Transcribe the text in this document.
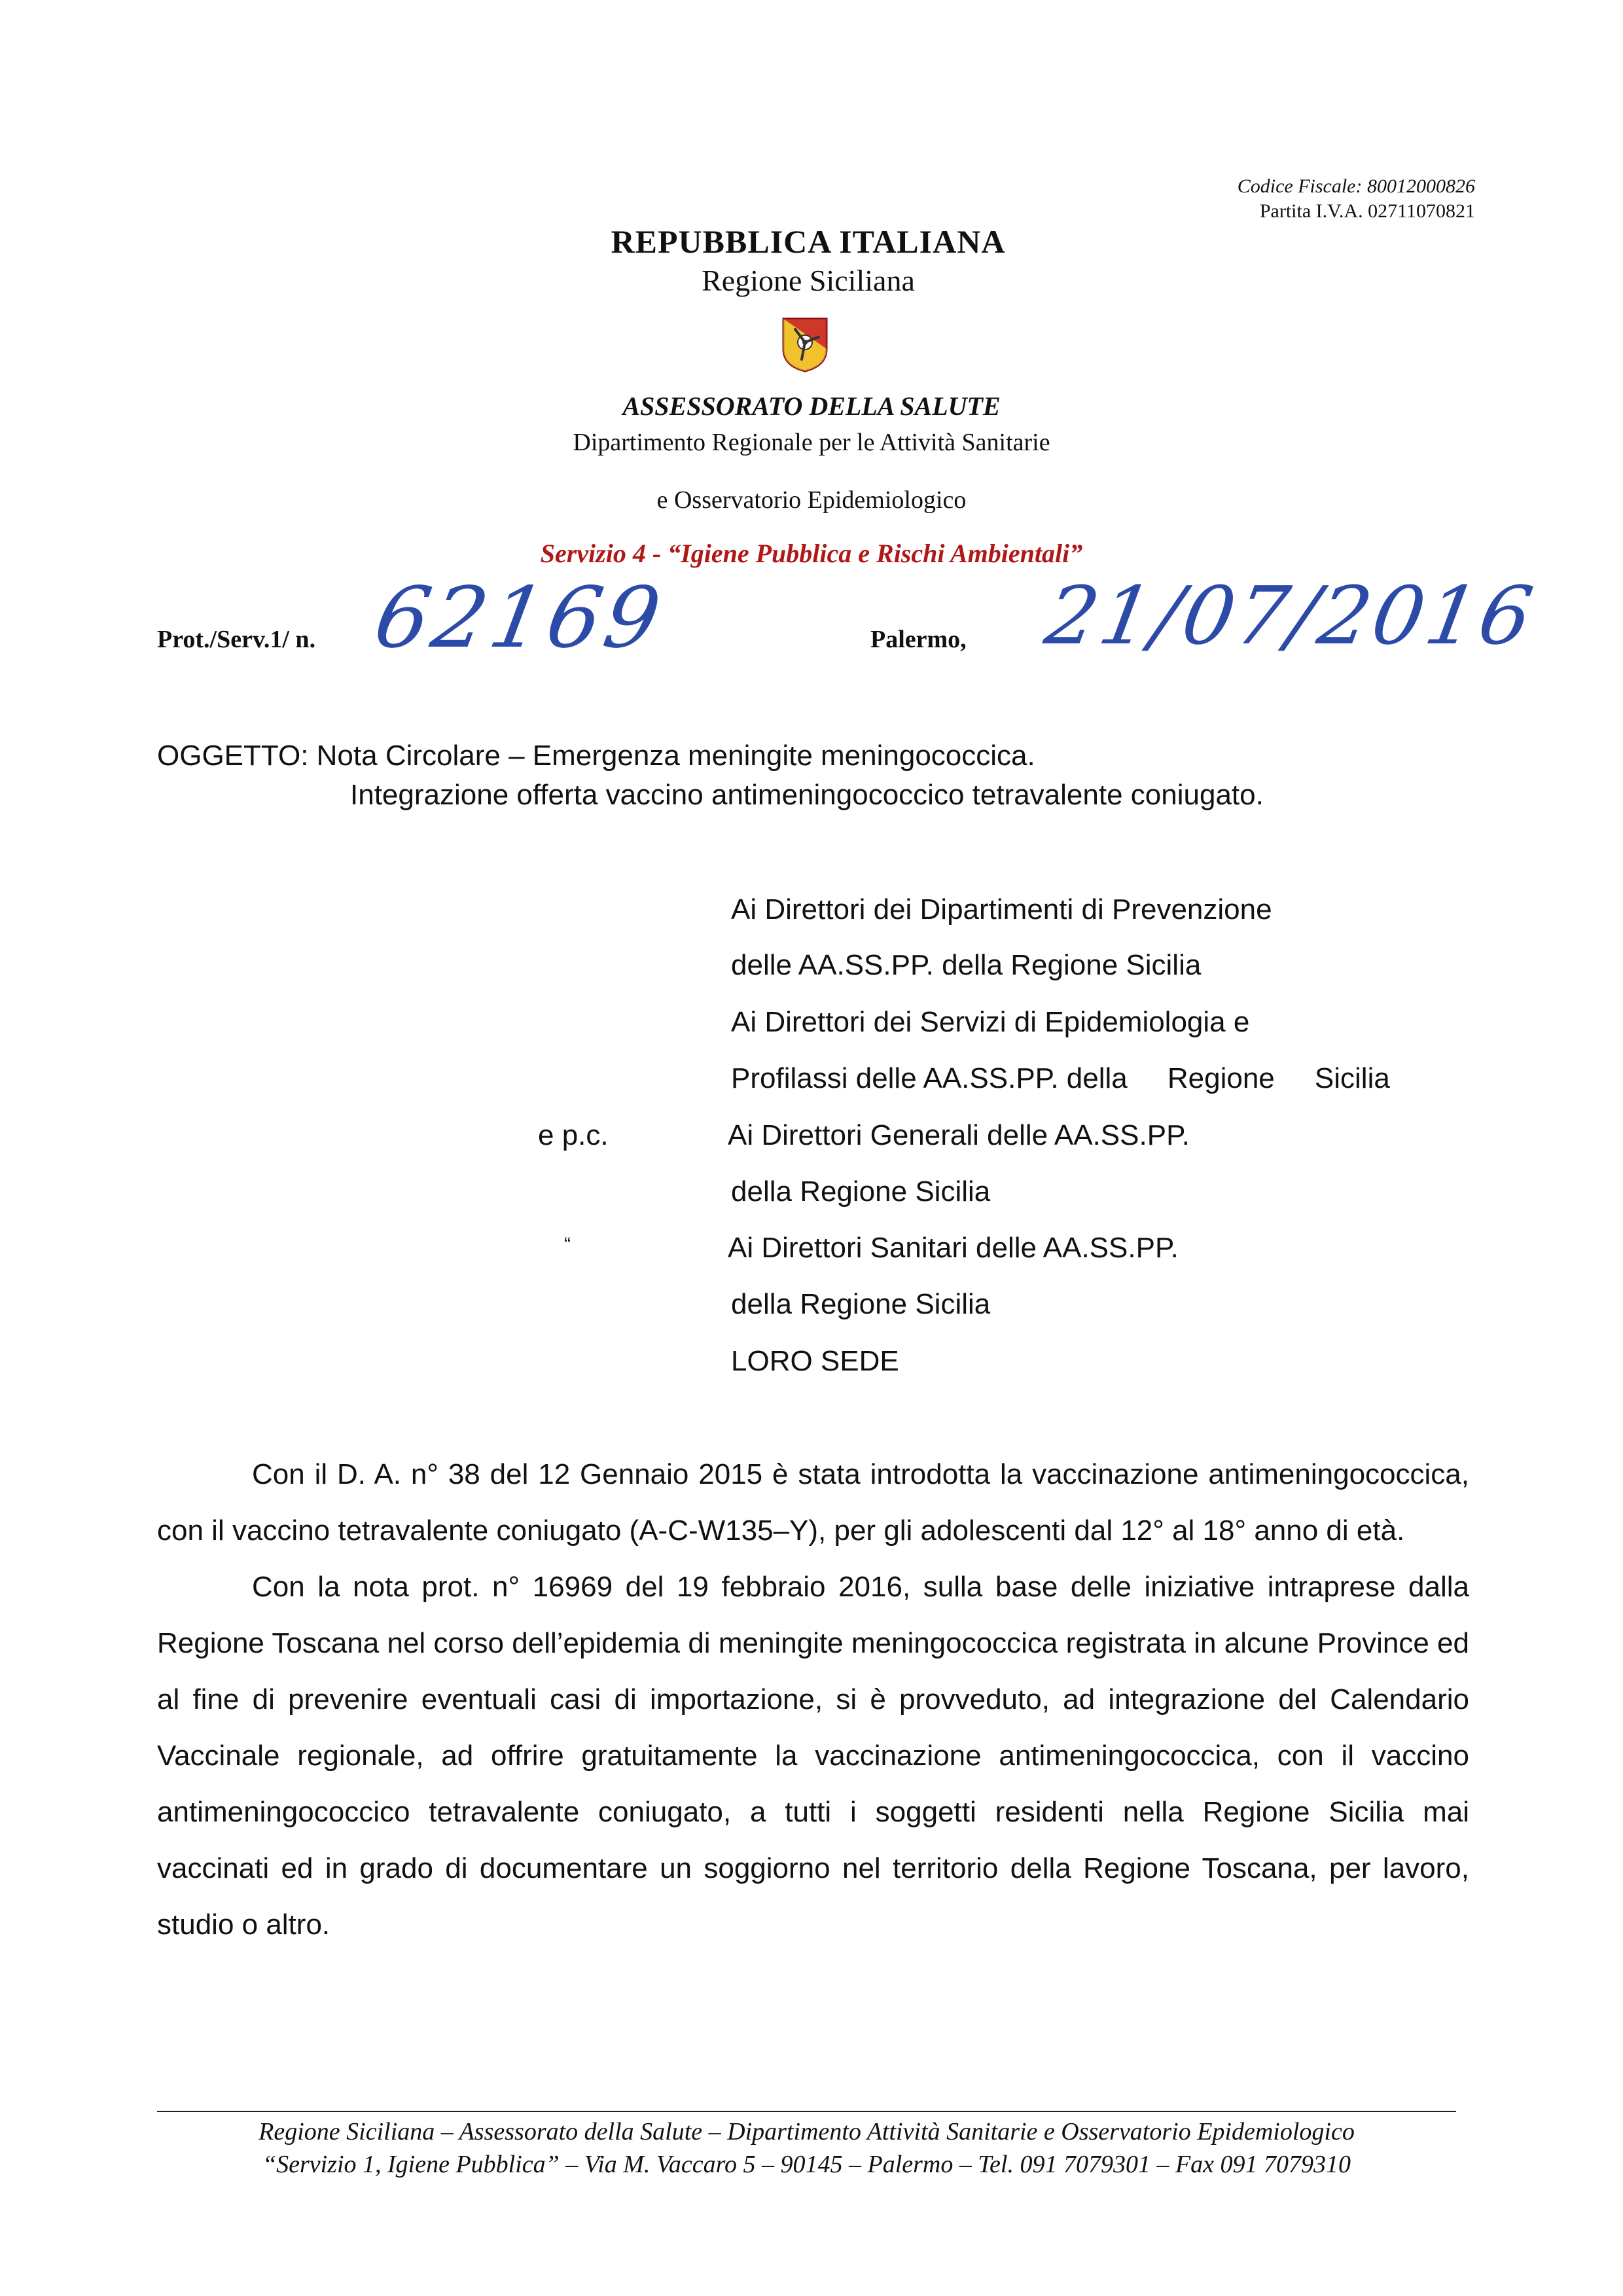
Codice Fiscale: 80012000826
Partita I.V.A. 02711070821
REPUBBLICA ITALIANA
Regione Siciliana
ASSESSORATO DELLA SALUTE
Dipartimento Regionale per le Attività Sanitarie
e Osservatorio Epidemiologico
Servizio 4 - “Igiene Pubblica e Rischi Ambientali”
Prot./Serv.1/ n. 62169	Palermo, 21/07/2016
OGGETTO: Nota Circolare – Emergenza meningite meningococcica.
Integrazione offerta vaccino antimeningococcico tetravalente coniugato.
Ai Direttori dei Dipartimenti di Prevenzione
delle AA.SS.PP. della Regione Sicilia
Ai Direttori dei Servizi di Epidemiologia e
Profilassi delle AA.SS.PP. della     Regione     Sicilia
e p.c.	Ai Direttori Generali delle AA.SS.PP.
della Regione Sicilia
“	Ai Direttori Sanitari delle AA.SS.PP.
della Regione Sicilia
LORO SEDE

Con il D. A. n° 38 del 12 Gennaio 2015 è stata introdotta la vaccinazione antimeningococcica, con il vaccino tetravalente coniugato (A-C-W135–Y), per gli adolescenti dal 12° al 18° anno di età.

Con la nota prot. n° 16969 del 19 febbraio 2016, sulla base delle iniziative intraprese dalla Regione Toscana nel corso dell’epidemia di meningite meningococcica registrata in alcune Province ed al fine di prevenire eventuali casi di importazione, si è provveduto, ad integrazione del Calendario Vaccinale regionale, ad offrire gratuitamente la vaccinazione antimeningococcica, con il vaccino antimeningococcico tetravalente coniugato, a tutti i soggetti residenti nella Regione Sicilia mai vaccinati ed in grado di documentare un soggiorno nel territorio della Regione Toscana, per lavoro, studio o altro.

Regione Siciliana – Assessorato della Salute – Dipartimento Attività Sanitarie e Osservatorio Epidemiologico
“Servizio 1, Igiene Pubblica” – Via M. Vaccaro 5 – 90145 – Palermo – Tel. 091 7079301 – Fax 091 7079310
